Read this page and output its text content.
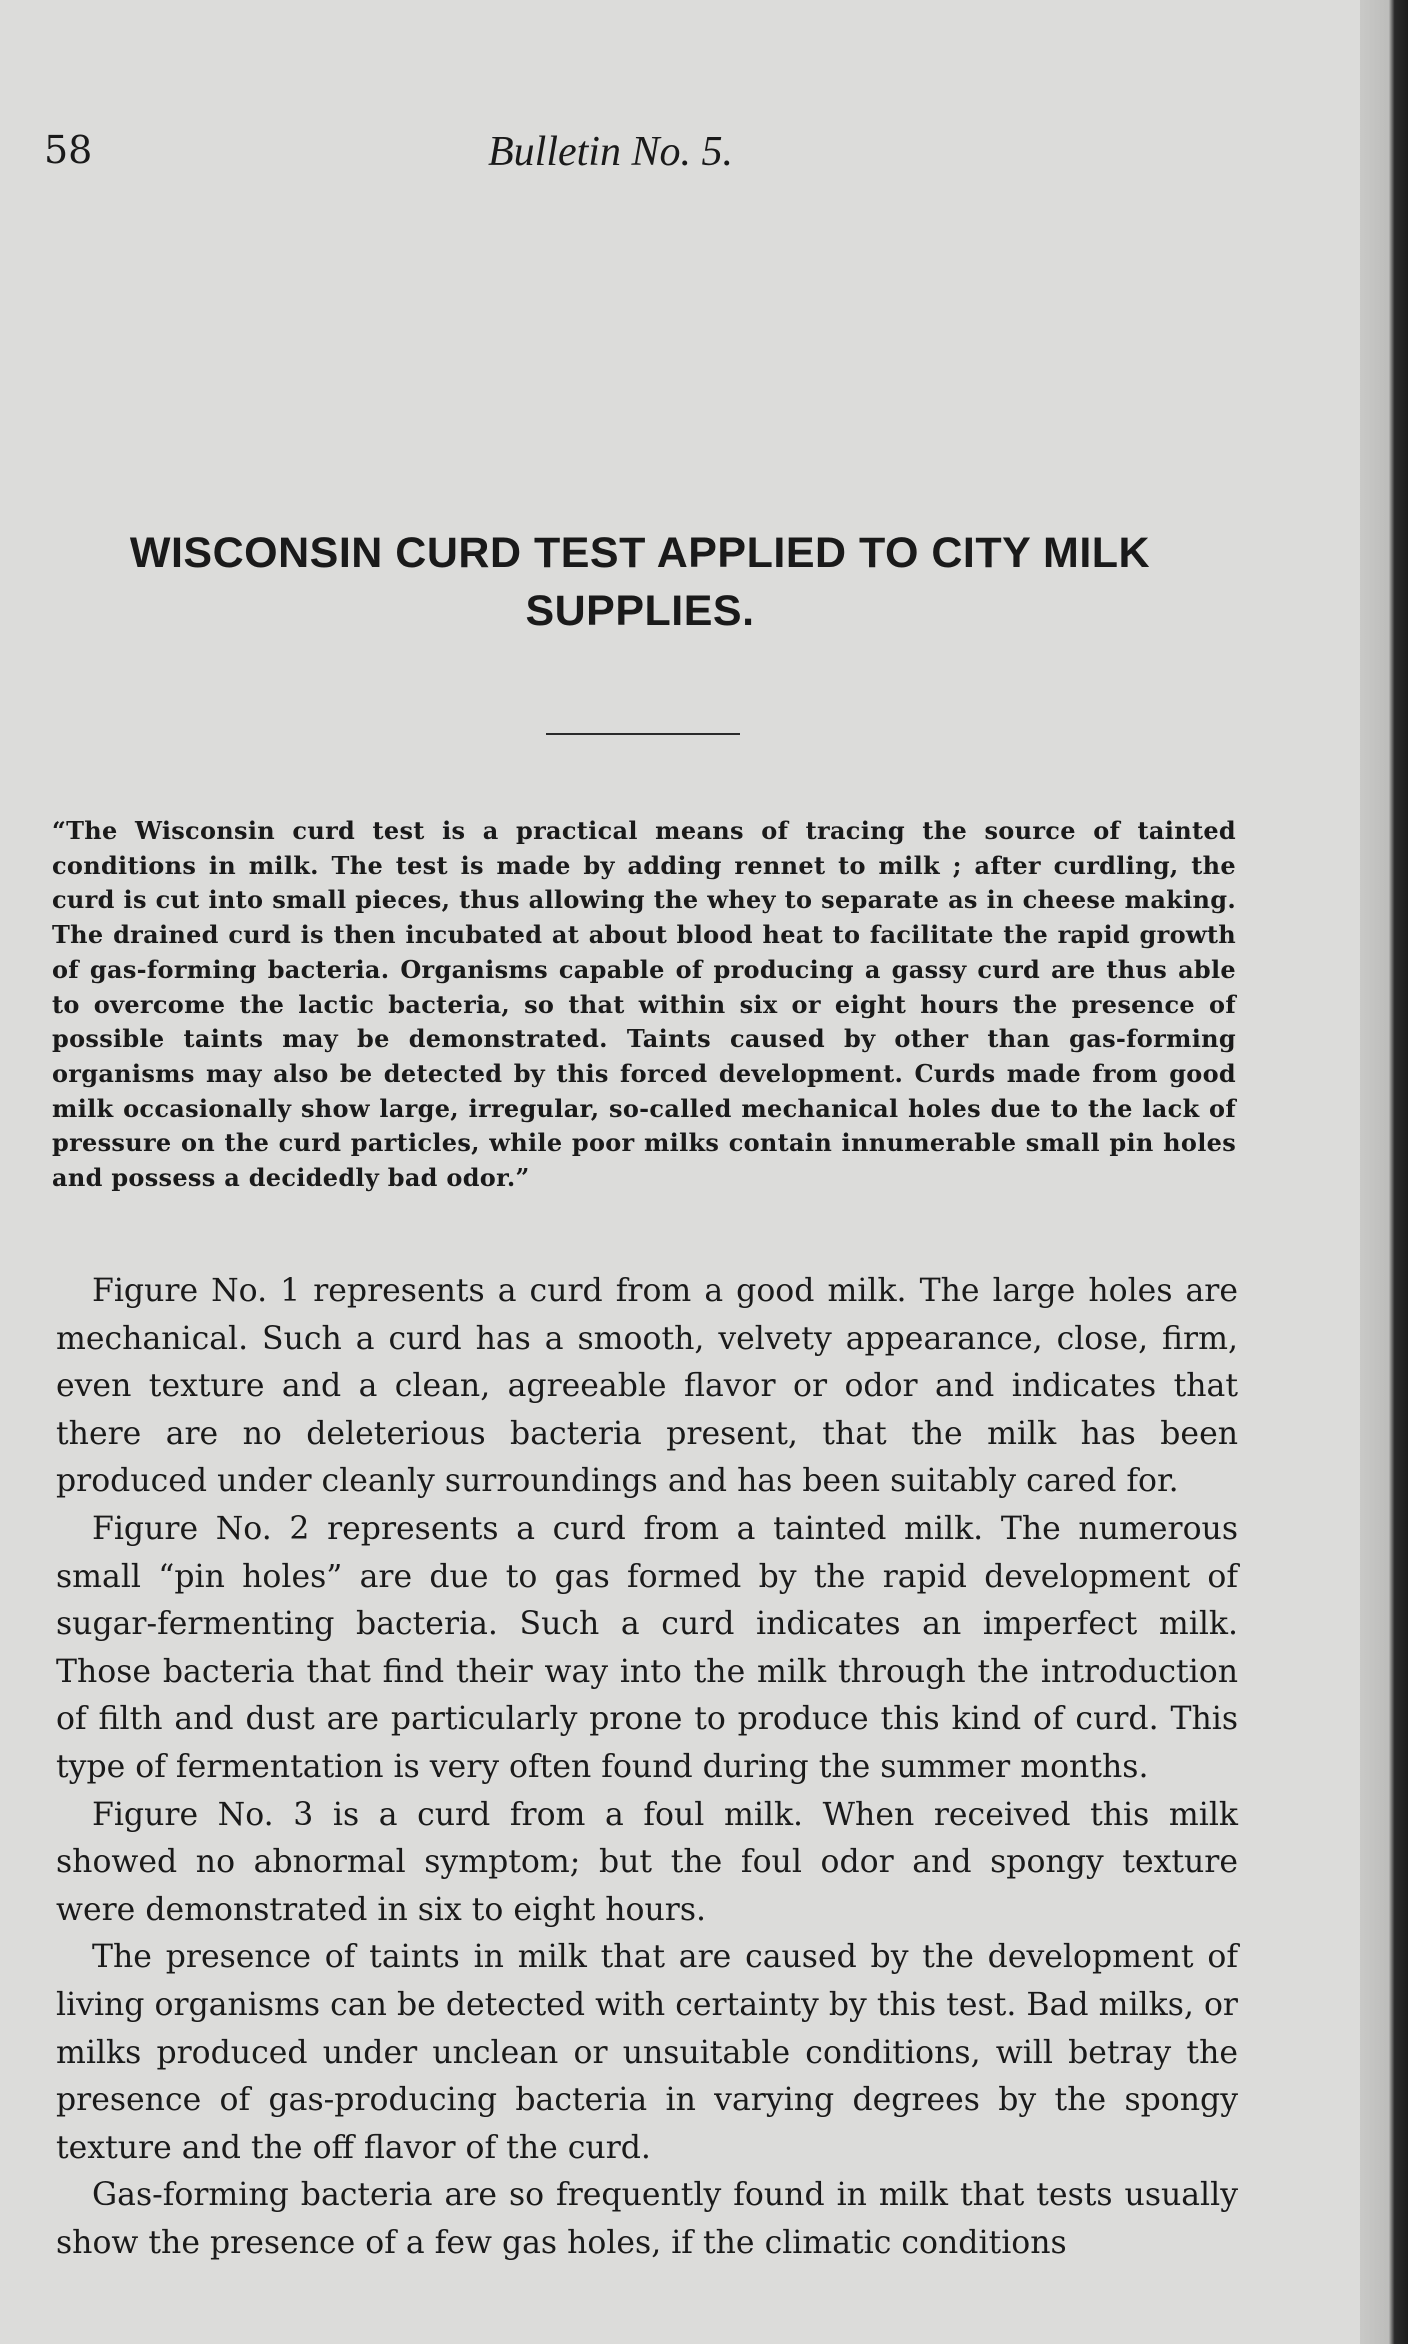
58	Bulletin No. 5.
WISCONSIN CURD TEST APPLIED TO CITY MILK SUPPLIES.
“The Wisconsin curd test is a practical means of tracing the source of tainted conditions in milk. The test is made by adding rennet to milk ; after curdling, the curd is cut into small pieces, thus allowing the whey to separate as in cheese making. The drained curd is then incubated at about blood heat to facilitate the rapid growth of gas-forming bacteria. Organisms capable of producing a gassy curd are thus able to overcome the lactic bacteria, so that within six or eight hours the presence of possible taints may be demonstrated. Taints caused by other than gas-forming organisms may also be detected by this forced development. Curds made from good milk occasionally show large, irregular, so-called mechanical holes due to the lack of pressure on the curd particles, while poor milks contain innumerable small pin holes and possess a decidedly bad odor.”

Figure No. 1 represents a curd from a good milk. The large holes are mechanical. Such a curd has a smooth, velvety appearance, close, firm, even texture and a clean, agreeable flavor or odor and indicates that there are no deleterious bacteria present, that the milk has been produced under cleanly surroundings and has been suitably cared for.

Figure No. 2 represents a curd from a tainted milk. The numerous small “pin holes” are due to gas formed by the rapid development of sugar-fermenting bacteria. Such a curd indicates an imperfect milk. Those bacteria that find their way into the milk through the introduction of filth and dust are particularly prone to produce this kind of curd. This type of fermentation is very often found during the summer months.

Figure No. 3 is a curd from a foul milk. When received this milk showed no abnormal symptom; but the foul odor and spongy texture were demonstrated in six to eight hours.

The presence of taints in milk that are caused by the development of living organisms can be detected with certainty by this test. Bad milks, or milks produced under unclean or unsuitable conditions, will betray the presence of gas-producing bacteria in varying degrees by the spongy texture and the off flavor of the curd.

Gas-forming bacteria are so frequently found in milk that tests usually show the presence of a few gas holes, if the climatic conditions
